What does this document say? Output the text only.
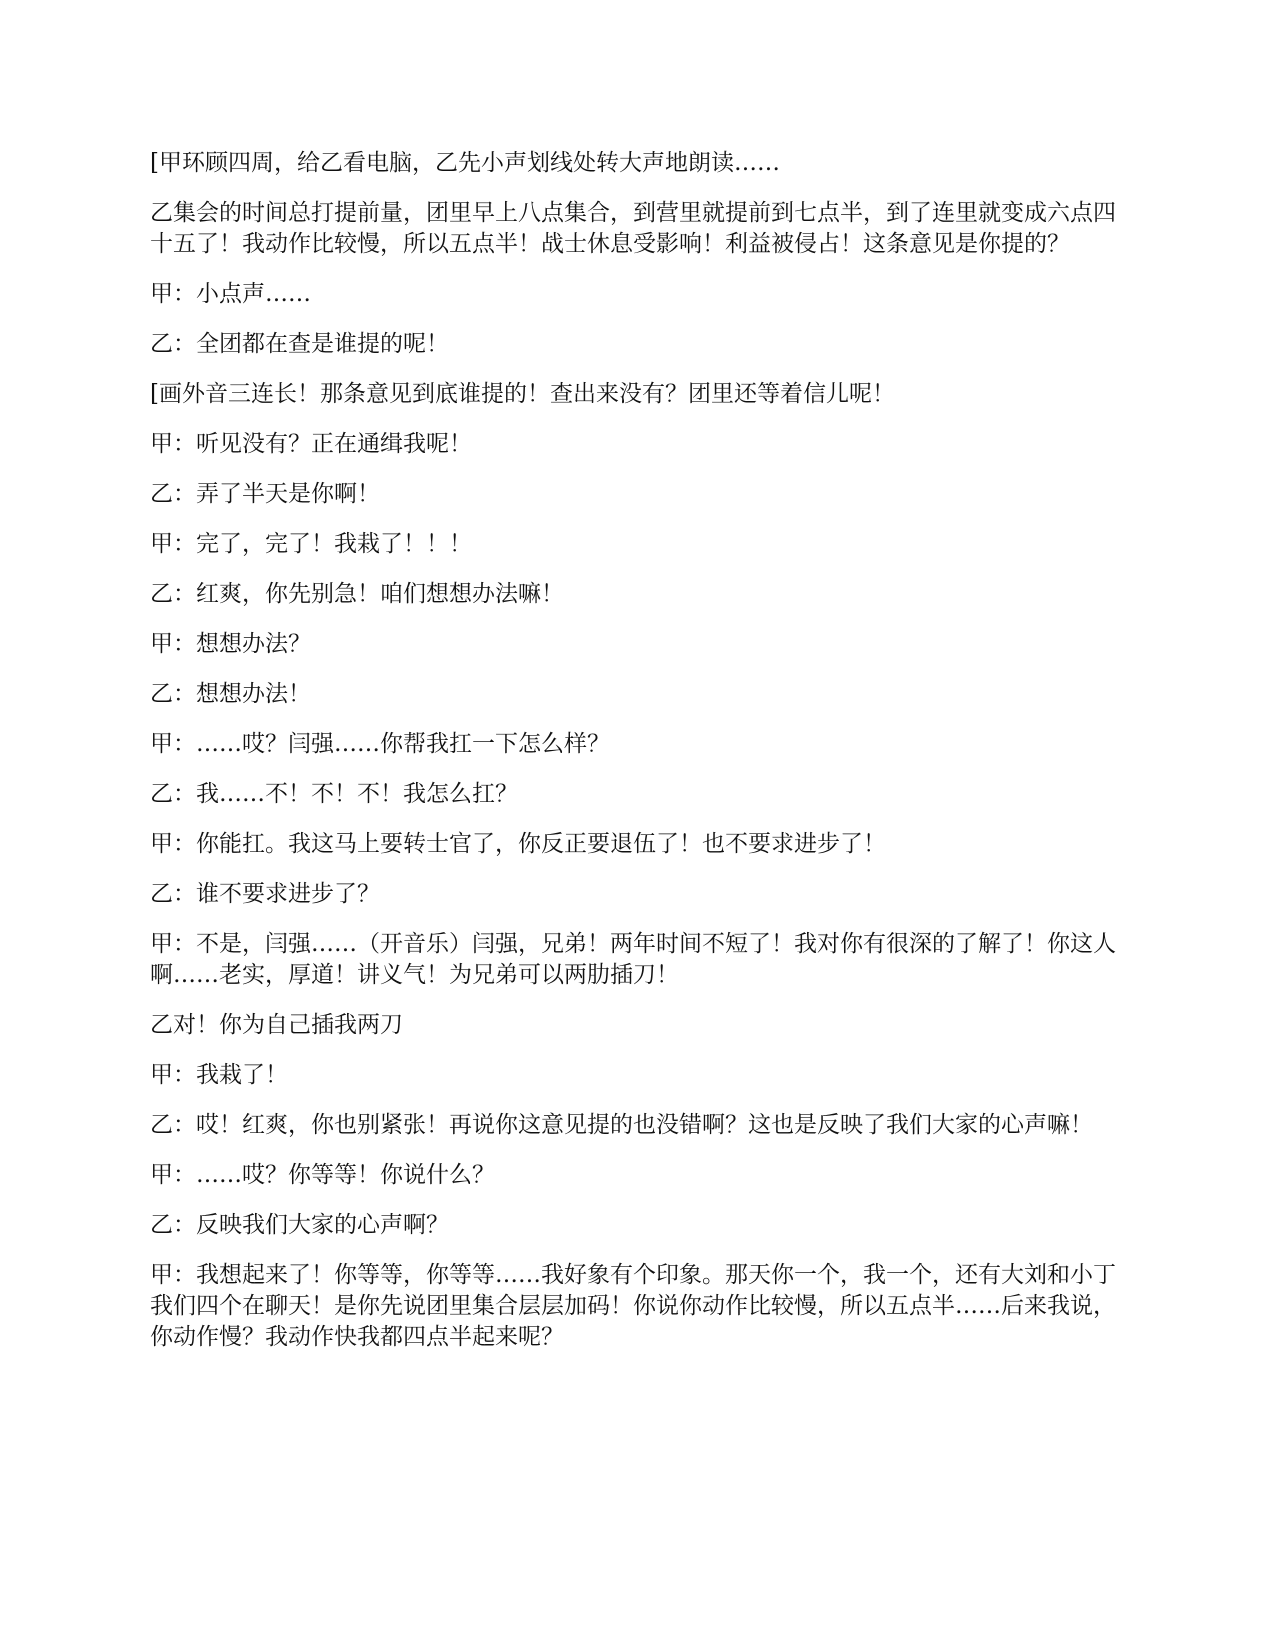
[甲环顾四周，给乙看电脑，乙先小声划线处转大声地朗读……

乙集会的时间总打提前量，团里早上八点集合，到营里就提前到七点半，到了连里就变成六点四十五了！我动作比较慢，所以五点半！战士休息受影响！利益被侵占！这条意见是你提的？

甲：小点声……

乙：全团都在查是谁提的呢！

[画外音三连长！那条意见到底谁提的！查出来没有？团里还等着信儿呢！

甲：听见没有？正在通缉我呢！

乙：弄了半天是你啊！

甲：完了，完了！我栽了！！！

乙：红爽，你先别急！咱们想想办法嘛！

甲：想想办法？

乙：想想办法！

甲：……哎？闫强……你帮我扛一下怎么样？

乙：我……不！不！不！我怎么扛？

甲：你能扛。我这马上要转士官了，你反正要退伍了！也不要求进步了！

乙：谁不要求进步了？

甲：不是，闫强……（开音乐）闫强，兄弟！两年时间不短了！我对你有很深的了解了！你这人啊……老实，厚道！讲义气！为兄弟可以两肋插刀！

乙对！你为自己插我两刀

甲：我栽了！

乙：哎！红爽，你也别紧张！再说你这意见提的也没错啊？这也是反映了我们大家的心声嘛！

甲：……哎？你等等！你说什么？

乙：反映我们大家的心声啊？

甲：我想起来了！你等等，你等等……我好象有个印象。那天你一个，我一个，还有大刘和小丁我们四个在聊天！是你先说团里集合层层加码！你说你动作比较慢，所以五点半……后来我说，你动作慢？我动作快我都四点半起来呢？
